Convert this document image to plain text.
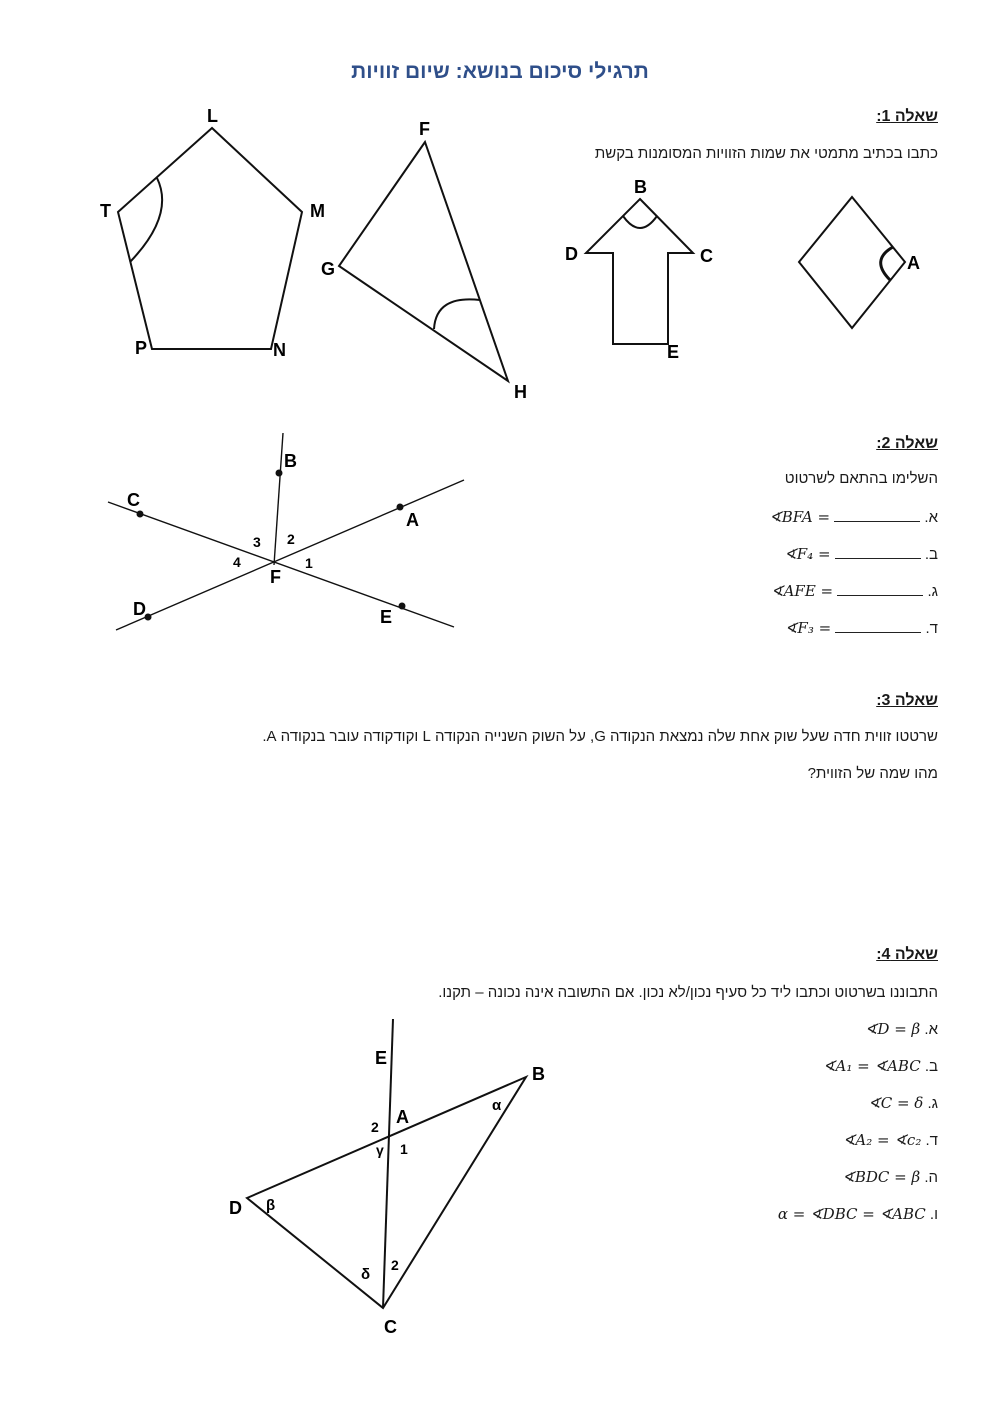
תרגילי סיכום בנושא: שיום זוויות
שאלה 1:
כתבו בכתיב מתמטי את שמות הזוויות המסומנות בקשת
L
M
N
P
T
F
G
H
B
C
D
E
A
שאלה 2:
השלימו בהתאם לשרטוט
א.  ∢BFA =
ב.  ∢F₄ =
ג.  ∢AFE =
ד.  ∢F₃ =
A
B
C
D	E
F
1
2
3
4
שאלה 3:
שרטטו זווית חדה שעל שוק אחת שלה נמצאת הנקודה G, על השוק השנייה הנקודה L וקודקודה עובר בנקודה A.
מהו שמה של הזווית?
שאלה 4:
התבוננו בשרטוט וכתבו ליד כל סעיף נכון/לא נכון. אם התשובה אינה נכונה – תקנו.
א. ∢D = β
ב. ∢A₁ = ∢ABC
ג. ∢C = δ
ד. ∢A₂ = ∢c₂
ה. ∢BDC = β
ו. α = ∢DBC = ∢ABC
E
A
B
C
D
α
β
γ
δ
1
2
2
